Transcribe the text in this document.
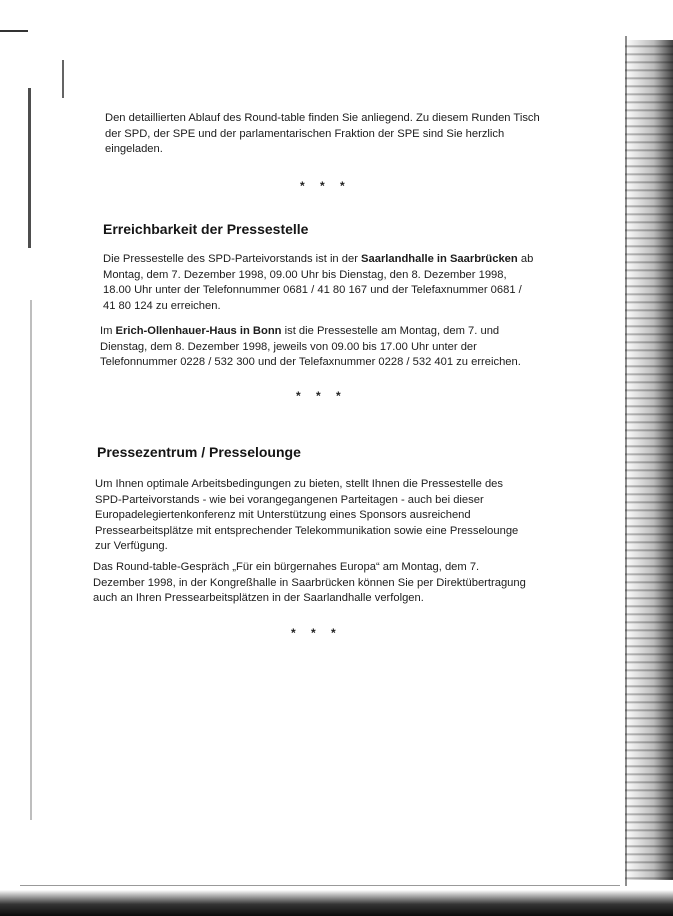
Den detaillierten Ablauf des Round-table finden Sie anliegend. Zu diesem Runden Tisch der SPD, der SPE und der parlamentarischen Fraktion der SPE sind Sie herzlich eingeladen.

* * *

Erreichbarkeit der Pressestelle

Die Pressestelle des SPD-Parteivorstands ist in der Saarlandhalle in Saarbrücken ab Montag, dem 7. Dezember 1998, 09.00 Uhr bis Dienstag, den 8. Dezember 1998, 18.00 Uhr unter der Telefonnummer 0681 / 41 80 167 und der Telefaxnummer 0681 / 41 80 124 zu erreichen.

Im Erich-Ollenhauer-Haus in Bonn ist die Pressestelle am Montag, dem 7. und Dienstag, dem 8. Dezember 1998, jeweils von 09.00 bis 17.00 Uhr unter der Telefonnummer 0228 / 532 300 und der Telefaxnummer 0228 / 532 401 zu erreichen.

* * *

Pressezentrum / Presselounge

Um Ihnen optimale Arbeitsbedingungen zu bieten, stellt Ihnen die Pressestelle des SPD-Parteivorstands - wie bei vorangegangenen Parteitagen - auch bei dieser Europadelegiertenkonferenz mit Unterstützung eines Sponsors ausreichend Pressearbeitsplätze mit entsprechender Telekommunikation sowie eine Presselounge zur Verfügung.

Das Round-table-Gespräch „Für ein bürgernahes Europa“ am Montag, dem 7. Dezember 1998, in der Kongreßhalle in Saarbrücken können Sie per Direktübertragung auch an Ihren Pressearbeitsplätzen in der Saarlandhalle verfolgen.

* * *
